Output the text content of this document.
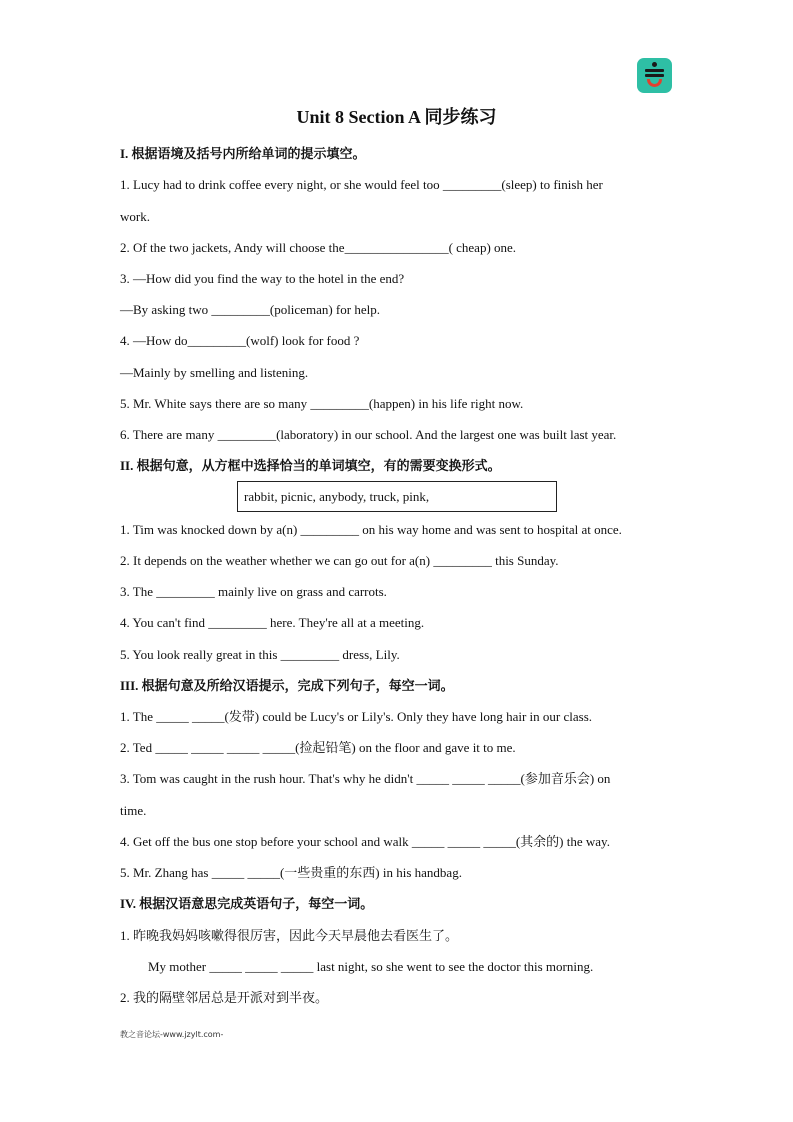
Unit 8 Section A 同步练习

I. 根据语境及括号内所给单词的提示填空。

1. Lucy had to drink coffee every night, or she would feel too _________(sleep) to finish her

work.

2. Of the two jackets, Andy will choose the________________( cheap) one.

3. —How did you find the way to the hotel in the end?

—By asking two _________(policeman) for help.

4. —How do_________(wolf) look for food ?

—Mainly by smelling and listening.

5. Mr. White says there are so many _________(happen) in his life right now.

6. There are many _________(laboratory) in our school. And the largest one was built last year.

II. 根据句意，从方框中选择恰当的单词填空，有的需要变换形式。

rabbit, picnic, anybody, truck, pink,

1. Tim was knocked down by a(n) _________ on his way home and was sent to hospital at once.

2. It depends on the weather whether we can go out for a(n) _________ this Sunday.

3. The _________ mainly live on grass and carrots.

4. You can't find _________ here. They're all at a meeting.

5. You look really great in this _________ dress, Lily.

III. 根据句意及所给汉语提示，完成下列句子，每空一词。

1. The _____ _____(发带) could be Lucy's or Lily's. Only they have long hair in our class.

2. Ted _____ _____ _____ _____(捡起铅笔) on the floor and gave it to me.

3. Tom was caught in the rush hour. That's why he didn't _____ _____ _____(参加音乐会) on

time.

4. Get off the bus one stop before your school and walk _____ _____ _____(其余的) the way.

5. Mr. Zhang has _____ _____(一些贵重的东西) in his handbag.

IV. 根据汉语意思完成英语句子，每空一词。

1. 昨晚我妈妈咳嗽得很厉害，因此今天早晨他去看医生了。

My mother _____ _____ _____ last night, so she went to see the doctor this morning.

2. 我的隔壁邻居总是开派对到半夜。

教之音论坛-www.jzylt.com-
